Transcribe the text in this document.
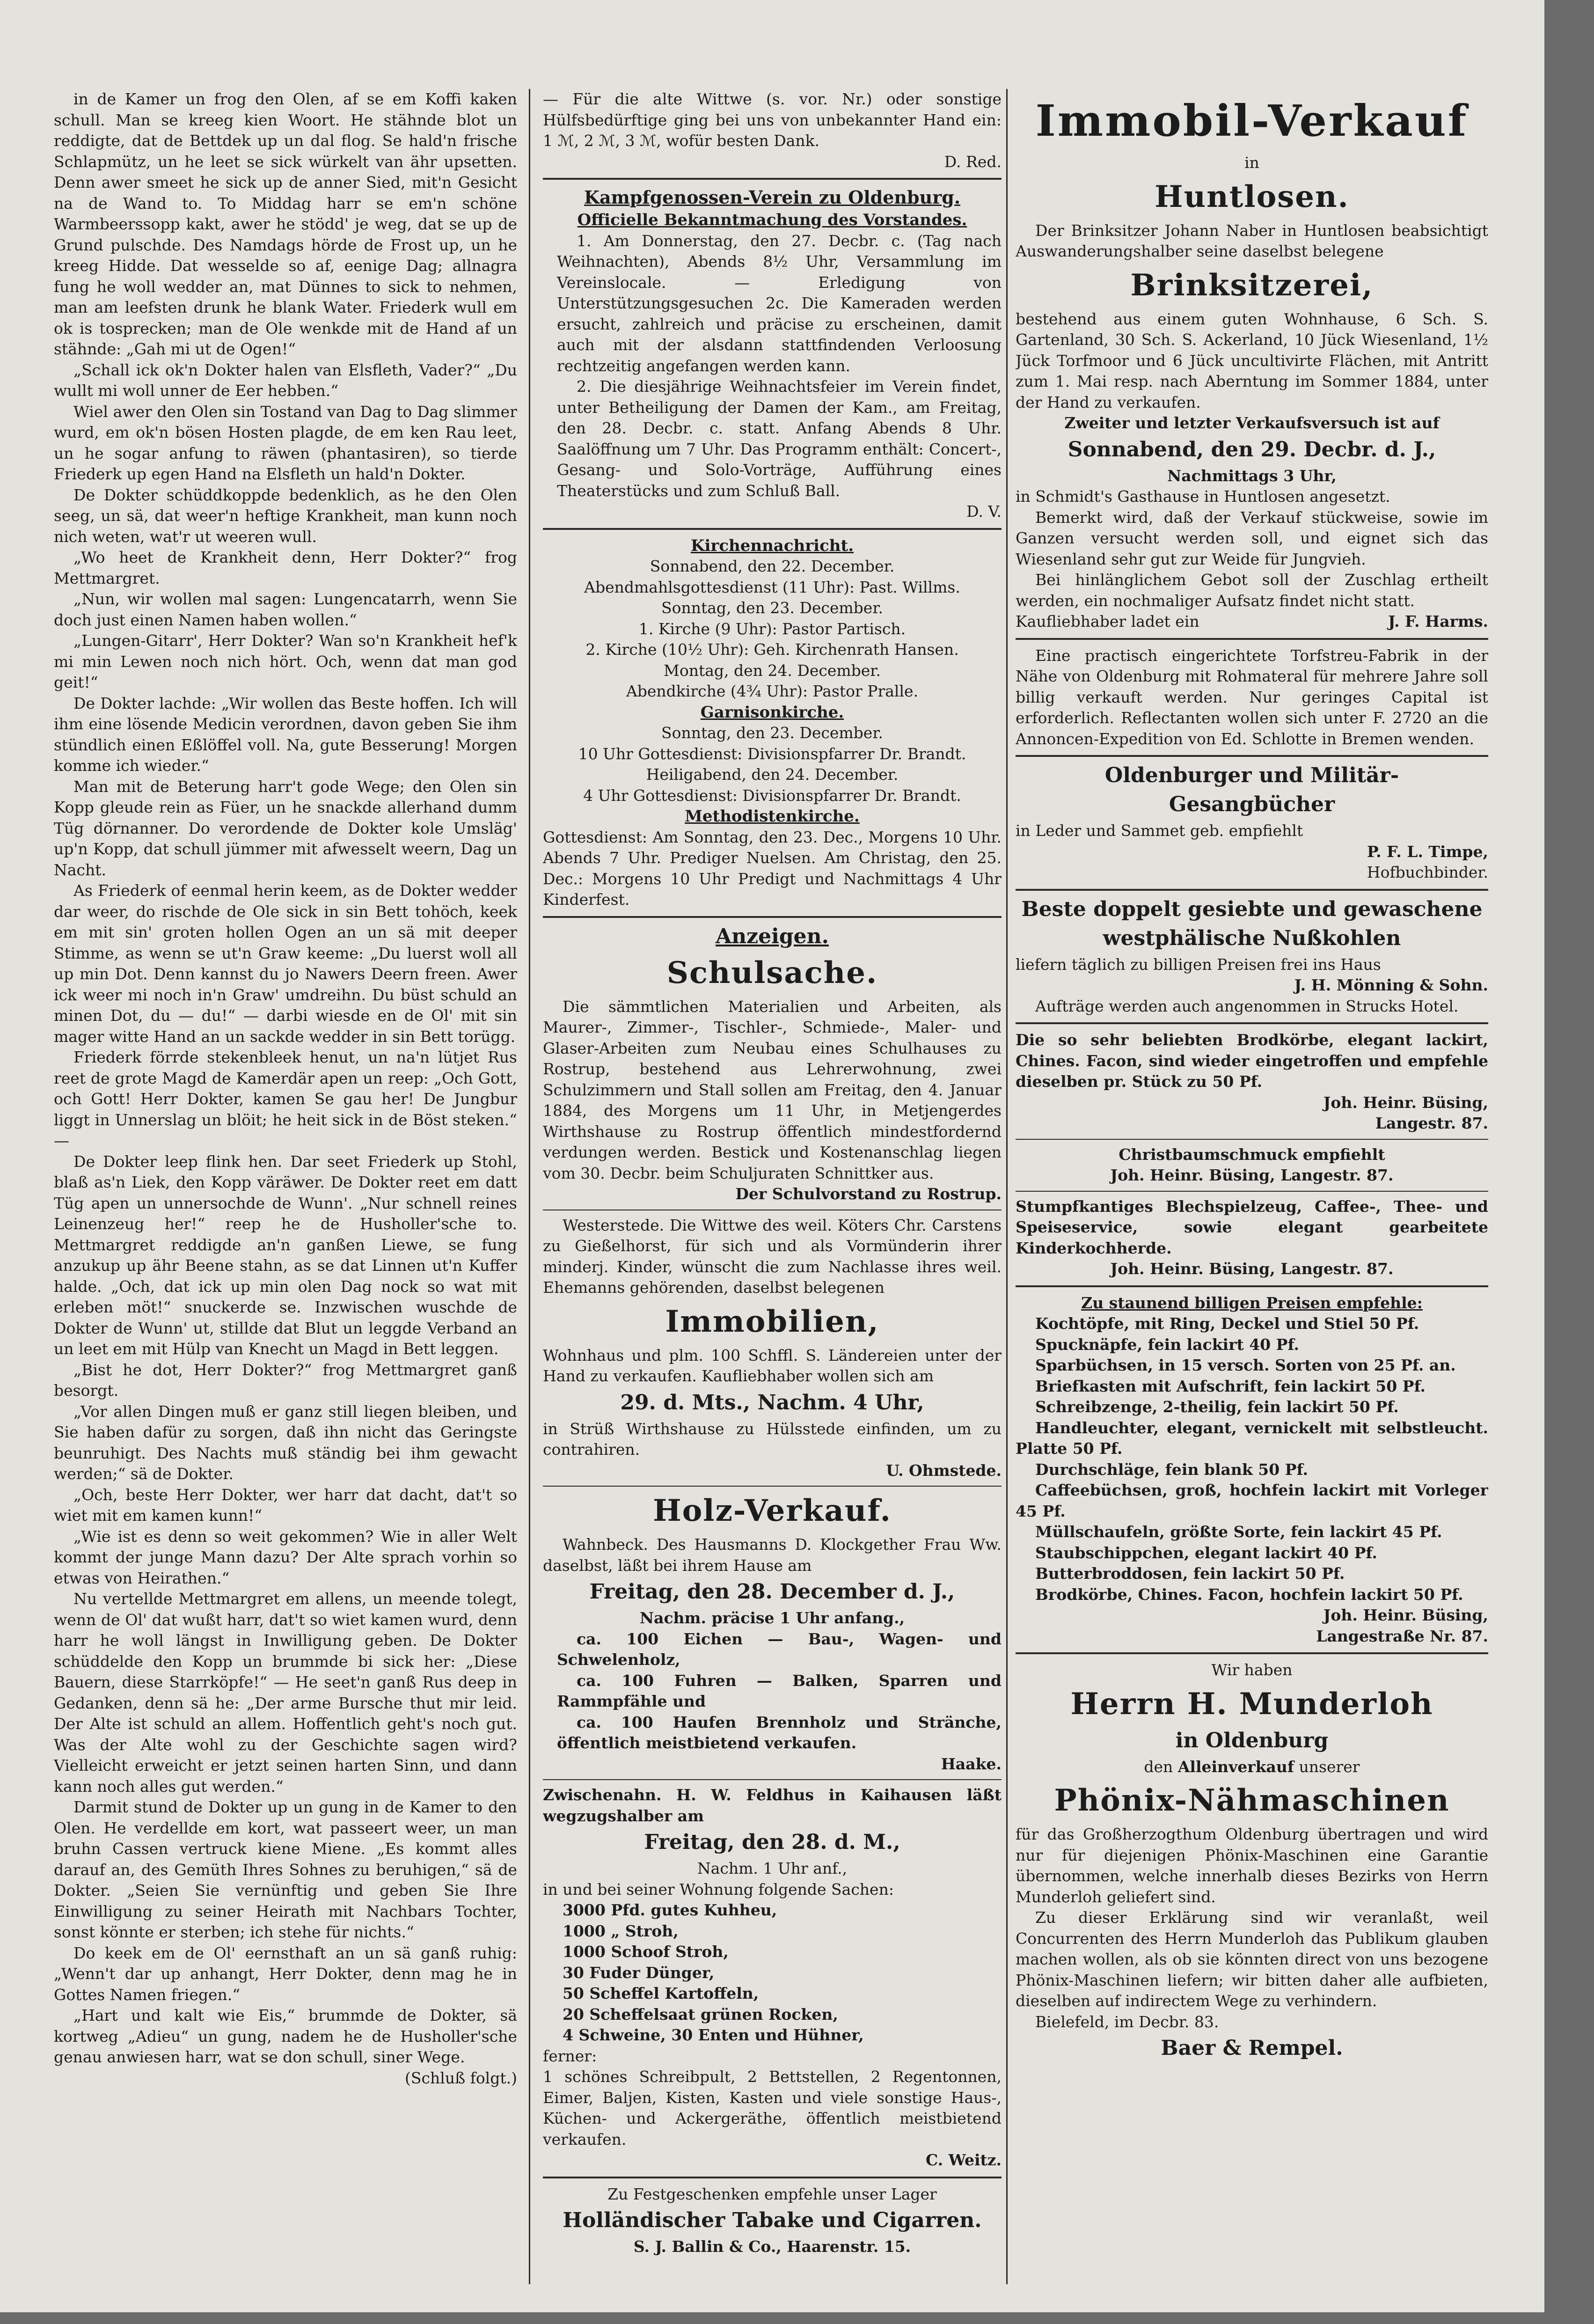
in de Kamer un frog den Olen, af se em Koffi kaken schull. Man se kreeg kien Woort. He stähnde blot un reddigte, dat de Bettdek up un dal flog. Se hald'n frische Schlapmütz, un he leet se sick würkelt van ähr upsetten. Denn awer smeet he sick up de anner Sied, mit'n Gesicht na de Wand to. To Middag harr se em'n schöne Warmbeerssopp kakt, awer he stödd' je weg, dat se up de Grund pulschde. Des Namdags hörde de Frost up, un he kreeg Hidde. Dat wesselde so af, eenige Dag; allnagra fung he woll wedder an, mat Dünnes to sick to nehmen, man am leefsten drunk he blank Water. Friederk wull em ok is tosprecken; man de Ole wenkde mit de Hand af un stähnde: „Gah mi ut de Ogen!“

„Schall ick ok'n Dokter halen van Elsfleth, Vader?“ „Du wullt mi woll unner de Eer hebben.“

Wiel awer den Olen sin Tostand van Dag to Dag slimmer wurd, em ok'n bösen Hosten plagde, de em ken Rau leet, un he sogar anfung to räwen (phantasiren), so tierde Friederk up egen Hand na Elsfleth un hald'n Dokter.

De Dokter schüddkoppde bedenklich, as he den Olen seeg, un sä, dat weer'n heftige Krankheit, man kunn noch nich weten, wat'r ut weeren wull.

„Wo heet de Krankheit denn, Herr Dokter?“ frog Mettmargret.

„Nun, wir wollen mal sagen: Lungencatarrh, wenn Sie doch just einen Namen haben wollen.“

„Lungen-Gitarr', Herr Dokter? Wan so'n Krankheit hef'k mi min Lewen noch nich hört. Och, wenn dat man god geit!“

De Dokter lachde: „Wir wollen das Beste hoffen. Ich will ihm eine lösende Medicin verordnen, davon geben Sie ihm stündlich einen Eßlöffel voll. Na, gute Besserung! Morgen komme ich wieder.“

Man mit de Beterung harr't gode Wege; den Olen sin Kopp gleude rein as Füer, un he snackde allerhand dumm Tüg dörnanner. Do verordende de Dokter kole Umsläg' up'n Kopp, dat schull jümmer mit afwesselt weern, Dag un Nacht.

As Friederk of eenmal herin keem, as de Dokter wedder dar weer, do rischde de Ole sick in sin Bett tohöch, keek em mit sin' groten hollen Ogen an un sä mit deeper Stimme, as wenn se ut'n Graw keeme: „Du luerst woll all up min Dot. Denn kannst du jo Nawers Deern freen. Awer ick weer mi noch in'n Graw' umdreihn. Du büst schuld an minen Dot, du — du!“ — darbi wiesde en de Ol' mit sin mager witte Hand an un sackde wedder in sin Bett torügg.

Friederk förrde stekenbleek henut, un na'n lütjet Rus reet de grote Magd de Kamerdär apen un reep: „Och Gott, och Gott! Herr Dokter, kamen Se gau her! De Jungbur liggt in Unnerslag un blöit; he heit sick in de Böst steken.“ —

De Dokter leep flink hen. Dar seet Friederk up Stohl, blaß as'n Liek, den Kopp väräwer. De Dokter reet em datt Tüg apen un unnersochde de Wunn'. „Nur schnell reines Leinenzeug her!“ reep he de Husholler'sche to. Mettmargret reddigde an'n ganßen Liewe, se fung anzukup up ähr Beene stahn, as se dat Linnen ut'n Kuffer halde. „Och, dat ick up min olen Dag nock so wat mit erleben möt!“ snuckerde se. Inzwischen wuschde de Dokter de Wunn' ut, stillde dat Blut un leggde Verband an un leet em mit Hülp van Knecht un Magd in Bett leggen.

„Bist he dot, Herr Dokter?“ frog Mettmargret ganß besorgt.

„Vor allen Dingen muß er ganz still liegen bleiben, und Sie haben dafür zu sorgen, daß ihn nicht das Geringste beunruhigt. Des Nachts muß ständig bei ihm gewacht werden;“ sä de Dokter.

„Och, beste Herr Dokter, wer harr dat dacht, dat't so wiet mit em kamen kunn!“

„Wie ist es denn so weit gekommen? Wie in aller Welt kommt der junge Mann dazu? Der Alte sprach vorhin so etwas von Heirathen.“

Nu vertellde Mettmargret em allens, un meende tolegt, wenn de Ol' dat wußt harr, dat't so wiet kamen wurd, denn harr he woll längst in Inwilligung geben. De Dokter schüddelde den Kopp un brummde bi sick her: „Diese Bauern, diese Starrköpfe!“ — He seet'n ganß Rus deep in Gedanken, denn sä he: „Der arme Bursche thut mir leid. Der Alte ist schuld an allem. Hoffentlich geht's noch gut. Was der Alte wohl zu der Geschichte sagen wird? Vielleicht erweicht er jetzt seinen harten Sinn, und dann kann noch alles gut werden.“

Darmit stund de Dokter up un gung in de Kamer to den Olen. He verdellde em kort, wat passeert weer, un man bruhn Cassen vertruck kiene Miene. „Es kommt alles darauf an, des Gemüth Ihres Sohnes zu beruhigen,“ sä de Dokter. „Seien Sie vernünftig und geben Sie Ihre Einwilligung zu seiner Heirath mit Nachbars Tochter, sonst könnte er sterben; ich stehe für nichts.“

Do keek em de Ol' eernsthaft an un sä ganß ruhig: „Wenn't dar up anhangt, Herr Dokter, denn mag he in Gottes Namen friegen.“

„Hart und kalt wie Eis,“ brummde de Dokter, sä kortweg „Adieu“ un gung, nadem he de Husholler'sche genau anwiesen harr, wat se don schull, siner Wege.

(Schluß folgt.)

— Für die alte Wittwe (s. vor. Nr.) oder sonstige Hülfsbedürftige ging bei uns von unbekannter Hand ein: 1 ℳ, 2 ℳ, 3 ℳ, wofür besten Dank.

D. Red.
Kampfgenossen-Verein zu Oldenburg.
Officielle Bekanntmachung des Vorstandes.

1. Am Donnerstag, den 27. Decbr. c. (Tag nach Weihnachten), Abends 8½ Uhr, Versammlung im Vereinslocale. — Erledigung von Unterstützungsgesuchen 2c. Die Kameraden werden ersucht, zahlreich und präcise zu erscheinen, damit auch mit der alsdann stattfindenden Verloosung rechtzeitig angefangen werden kann.

2. Die diesjährige Weihnachtsfeier im Verein findet, unter Betheiligung der Damen der Kam., am Freitag, den 28. Decbr. c. statt. Anfang Abends 8 Uhr. Saalöffnung um 7 Uhr. Das Programm enthält: Concert-, Gesang- und Solo-Vorträge, Aufführung eines Theaterstücks und zum Schluß Ball.

D. V.
Kirchennachricht.
Sonnabend, den 22. December.
Abendmahlsgottesdienst (11 Uhr): Past. Willms.
Sonntag, den 23. December.
1. Kirche (9 Uhr): Pastor Partisch.
2. Kirche (10½ Uhr): Geh. Kirchenrath Hansen.
Montag, den 24. December.
Abendkirche (4¾ Uhr): Pastor Pralle.
Garnisonkirche.
Sonntag, den 23. December.
10 Uhr Gottesdienst: Divisionspfarrer Dr. Brandt.
Heiligabend, den 24. December.
4 Uhr Gottesdienst: Divisionspfarrer Dr. Brandt.
Methodistenkirche.

Gottesdienst: Am Sonntag, den 23. Dec., Morgens 10 Uhr. Abends 7 Uhr. Prediger Nuelsen. Am Christag, den 25. Dec.: Morgens 10 Uhr Predigt und Nachmittags 4 Uhr Kinderfest.

Anzeigen.
Schulsache.

Die sämmtlichen Materialien und Arbeiten, als Maurer-, Zimmer-, Tischler-, Schmiede-, Maler- und Glaser-Arbeiten zum Neubau eines Schulhauses zu Rostrup, bestehend aus Lehrerwohnung, zwei Schulzimmern und Stall sollen am Freitag, den 4. Januar 1884, des Morgens um 11 Uhr, in Metjengerdes Wirthshause zu Rostrup öffentlich mindestfordernd verdungen werden. Bestick und Kostenanschlag liegen vom 30. Decbr. beim Schuljuraten Schnittker aus.

Der Schulvorstand zu Rostrup.

Westerstede. Die Wittwe des weil. Köters Chr. Carstens zu Gießelhorst, für sich und als Vormünderin ihrer minderj. Kinder, wünscht die zum Nachlasse ihres weil. Ehemanns gehörenden, daselbst belegenen

Immobilien,

Wohnhaus und plm. 100 Schffl. S. Ländereien unter der Hand zu verkaufen. Kaufliebhaber wollen sich am

29. d. Mts., Nachm. 4 Uhr,

in Strüß Wirthshause zu Hülsstede einfinden, um zu contrahiren.

U. Ohmstede.
Holz-Verkauf.

Wahnbeck. Des Hausmanns D. Klockgether Frau Ww. daselbst, läßt bei ihrem Hause am

Freitag, den 28. December d. J.,
Nachm. präcise 1 Uhr anfang.,

ca. 100 Eichen — Bau-, Wagen- und Schwelenholz,

ca. 100 Fuhren — Balken, Sparren und Rammpfähle und

ca. 100 Haufen Brennholz und Stränche, öffentlich meistbietend verkaufen.

Haake.

Zwischenahn. H. W. Feldhus in Kaihausen läßt wegzugshalber am

Freitag, den 28. d. M.,
Nachm. 1 Uhr anf.,

in und bei seiner Wohnung folgende Sachen:

3000 Pfd. gutes Kuhheu,

1000 „ Stroh,

1000 Schoof Stroh,

30 Fuder Dünger,

50 Scheffel Kartoffeln,

20 Scheffelsaat grünen Rocken,

4 Schweine, 30 Enten und Hühner,

ferner:

1 schönes Schreibpult, 2 Bettstellen, 2 Regentonnen, Eimer, Baljen, Kisten, Kasten und viele sonstige Haus-, Küchen- und Ackergeräthe, öffentlich meistbietend verkaufen.

C. Weitz.
Zu Festgeschenken empfehle unser Lager
Holländischer Tabake und Cigarren.
S. J. Ballin & Co., Haarenstr. 15.
Immobil-Verkauf
in
Huntlosen.

Der Brinksitzer Johann Naber in Huntlosen beabsichtigt Auswanderungshalber seine daselbst belegene

Brinksitzerei,

bestehend aus einem guten Wohnhause, 6 Sch. S. Gartenland, 30 Sch. S. Ackerland, 10 Jück Wiesenland, 1½ Jück Torfmoor und 6 Jück uncultivirte Flächen, mit Antritt zum 1. Mai resp. nach Aberntung im Sommer 1884, unter der Hand zu verkaufen.

Zweiter und letzter Verkaufsversuch ist auf
Sonnabend, den 29. Decbr. d. J.,
Nachmittags 3 Uhr,

in Schmidt's Gasthause in Huntlosen angesetzt.

Bemerkt wird, daß der Verkauf stückweise, sowie im Ganzen versucht werden soll, und eignet sich das Wiesenland sehr gut zur Weide für Jungvieh.

Bei hinlänglichem Gebot soll der Zuschlag ertheilt werden, ein nochmaliger Aufsatz findet nicht statt.

Kaufliebhaber ladet ein	J. F. Harms.

Eine practisch eingerichtete Torfstreu-Fabrik in der Nähe von Oldenburg mit Rohmateral für mehrere Jahre soll billig verkauft werden. Nur geringes Capital ist erforderlich. Reflectanten wollen sich unter F. 2720 an die Annoncen-Expedition von Ed. Schlotte in Bremen wenden.

Oldenburger und Militär-
Gesangbücher

in Leder und Sammet geb. empfiehlt

P. F. L. Timpe,
Hofbuchbinder.
Beste doppelt gesiebte und gewaschene
westphälische Nußkohlen

liefern täglich zu billigen Preisen frei ins Haus

J. H. Mönning & Sohn.

Aufträge werden auch angenommen in Strucks Hotel.

Die so sehr beliebten Brodkörbe, elegant lackirt, Chines. Facon, sind wieder eingetroffen und empfehle dieselben pr. Stück zu 50 Pf.

Joh. Heinr. Büsing,
Langestr. 87.
Christbaumschmuck empfiehlt
Joh. Heinr. Büsing, Langestr. 87.

Stumpfkantiges Blechspielzeug, Caffee-, Thee- und Speiseservice, sowie elegant gearbeitete Kinderkochherde.

Joh. Heinr. Büsing, Langestr. 87.
Zu staunend billigen Preisen empfehle:

Kochtöpfe, mit Ring, Deckel und Stiel 50 Pf.

Spucknäpfe, fein lackirt 40 Pf.

Sparbüchsen, in 15 versch. Sorten von 25 Pf. an.

Briefkasten mit Aufschrift, fein lackirt 50 Pf.

Schreibzenge, 2-theilig, fein lackirt 50 Pf.

Handleuchter, elegant, vernickelt mit selbstleucht. Platte 50 Pf.

Durchschläge, fein blank 50 Pf.

Caffeebüchsen, groß, hochfein lackirt mit Vorleger 45 Pf.

Müllschaufeln, größte Sorte, fein lackirt 45 Pf.

Staubschippchen, elegant lackirt 40 Pf.

Butterbroddosen, fein lackirt 50 Pf.

Brodkörbe, Chines. Facon, hochfein lackirt 50 Pf.

Joh. Heinr. Büsing,
Langestraße Nr. 87.
Wir haben
Herrn H. Munderloh
in Oldenburg
den Alleinverkauf unserer
Phönix-Nähmaschinen

für das Großherzogthum Oldenburg übertragen und wird nur für diejenigen Phönix-Maschinen eine Garantie übernommen, welche innerhalb dieses Bezirks von Herrn Munderloh geliefert sind.

Zu dieser Erklärung sind wir veranlaßt, weil Concurrenten des Herrn Munderloh das Publikum glauben machen wollen, als ob sie könnten direct von uns bezogene Phönix-Maschinen liefern; wir bitten daher alle aufbieten, dieselben auf indirectem Wege zu verhindern.

Bielefeld, im Decbr. 83.

Baer & Rempel.
